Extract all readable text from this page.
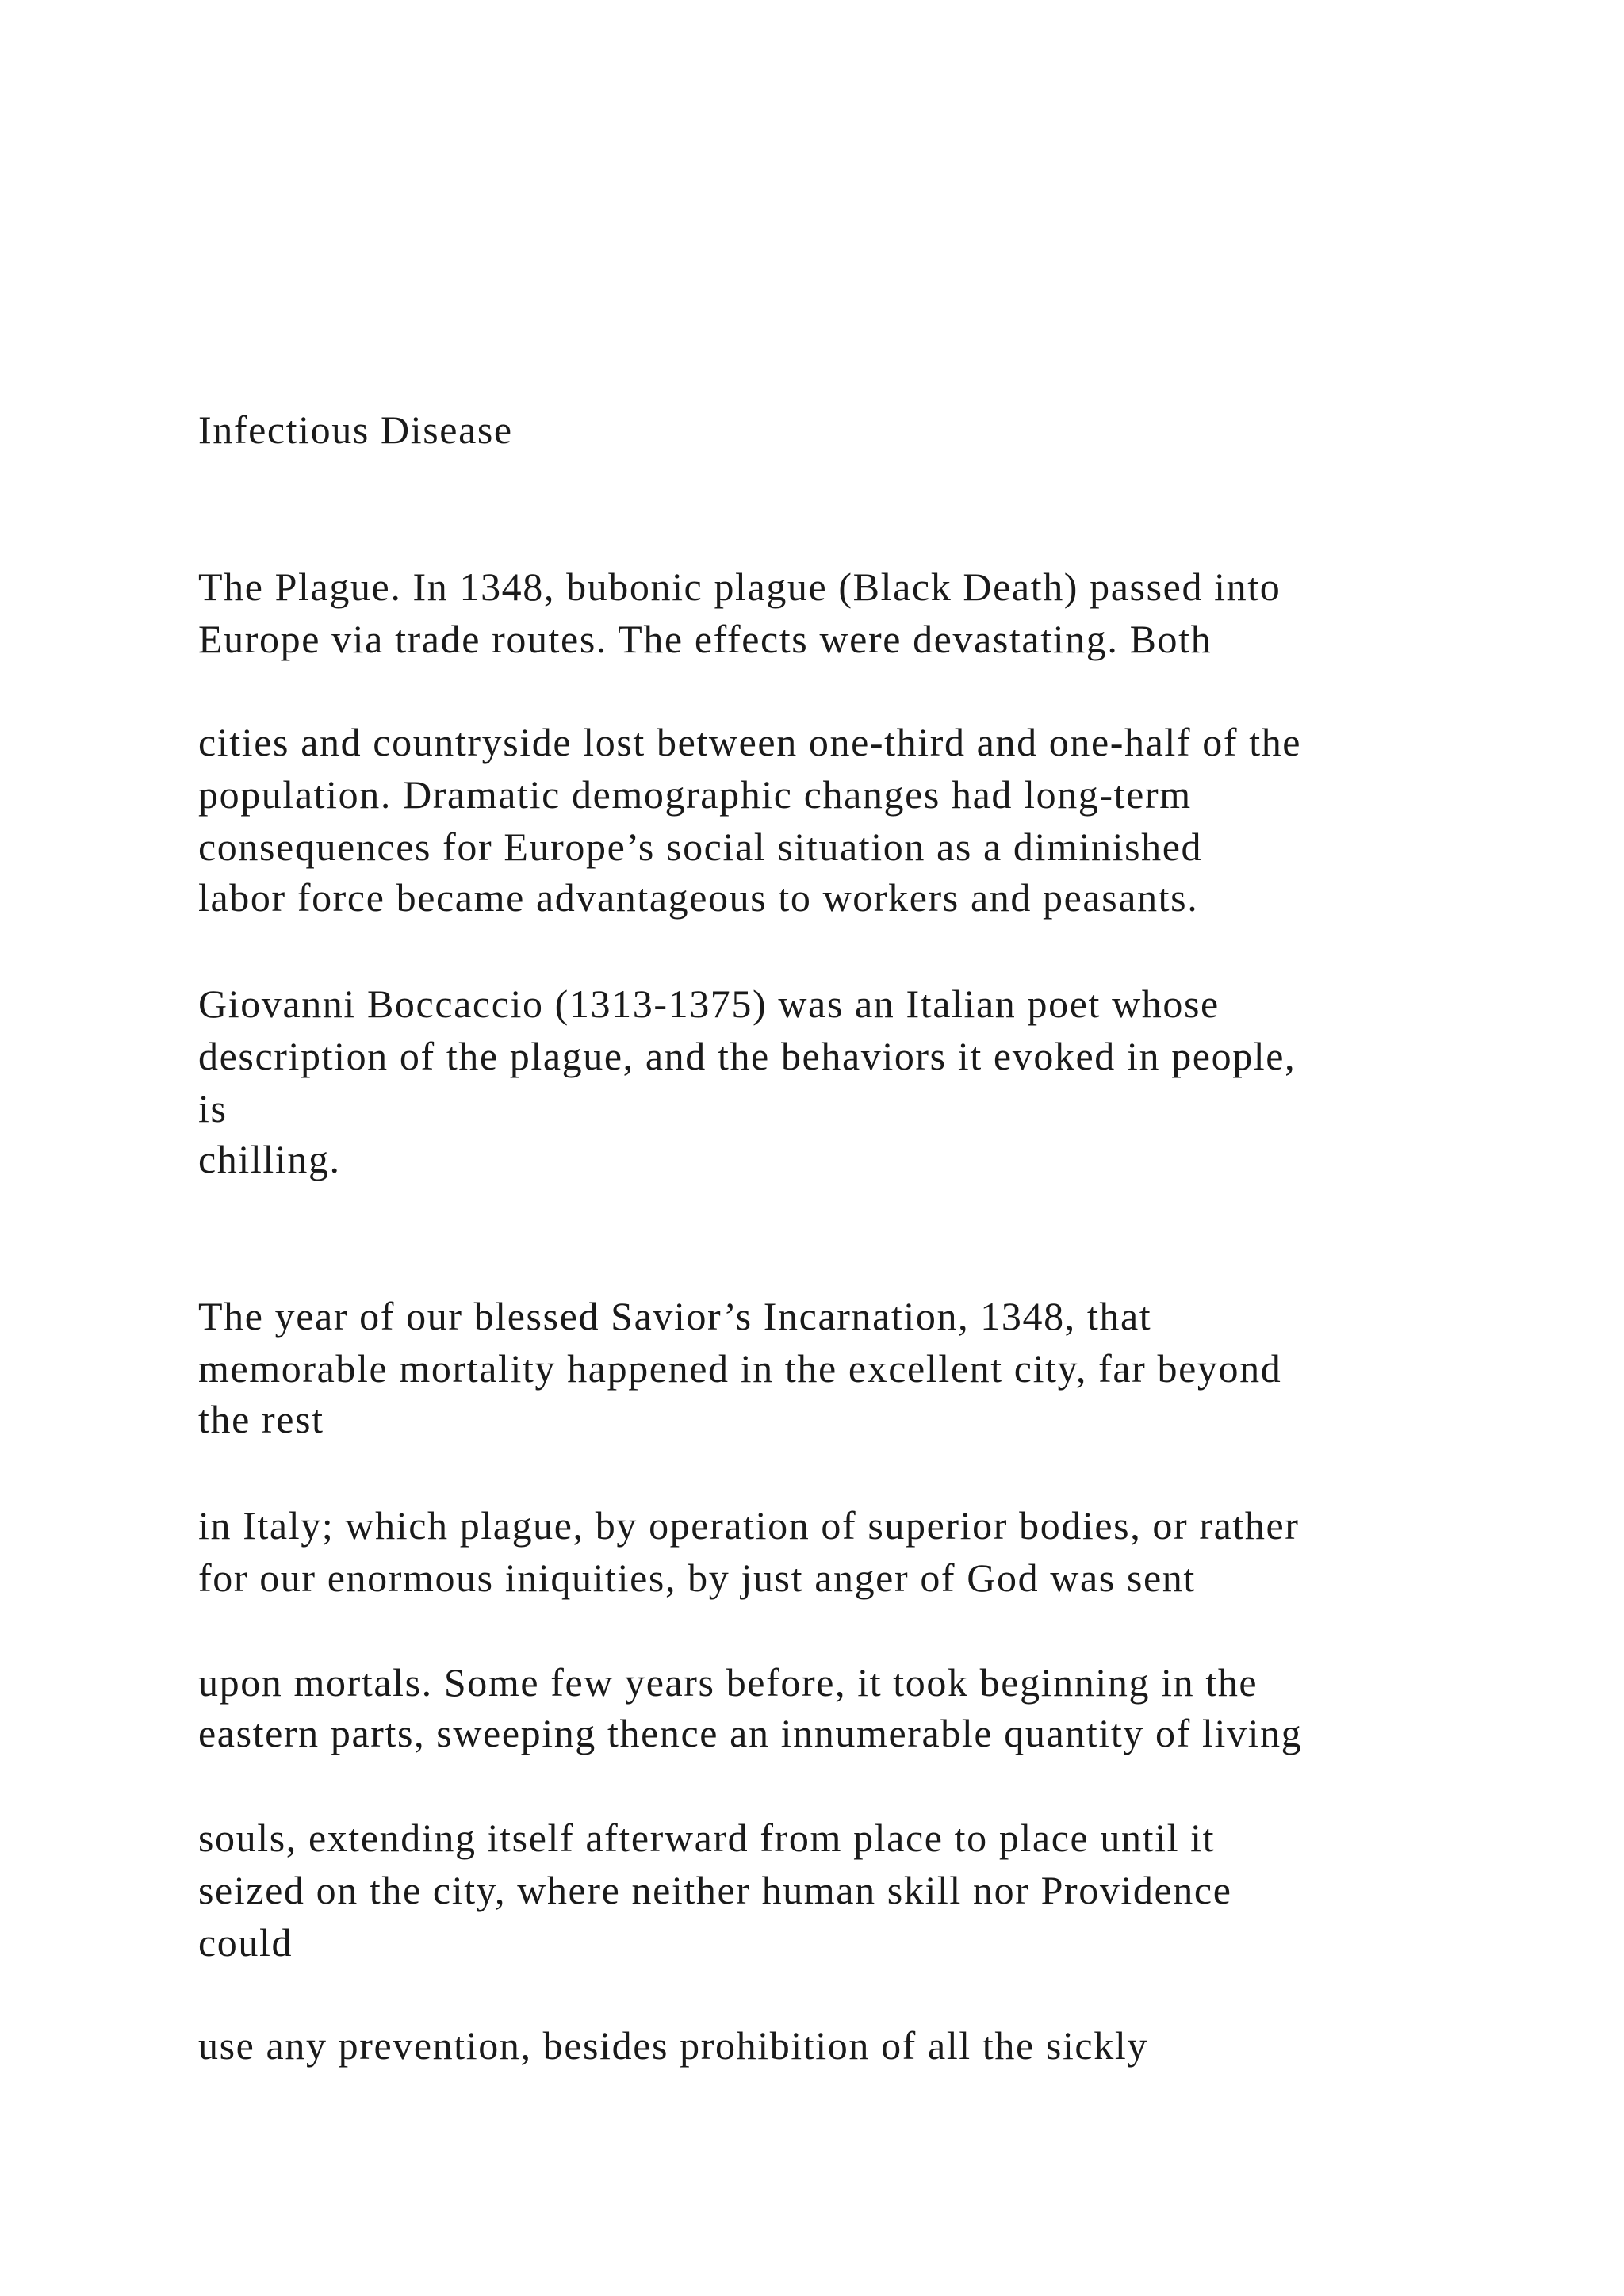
Infectious Disease

The Plague. In 1348, bubonic plague (Black Death) passed into

Europe via trade routes. The effects were devastating. Both

cities and countryside lost between one-third and one-half of the

population. Dramatic demographic changes had long-term

consequences for Europe’s social situation as a diminished

labor force became advantageous to workers and peasants.

Giovanni Boccaccio (1313-1375) was an Italian poet whose

description of the plague, and the behaviors it evoked in people,

is

chilling.

The year of our blessed Savior’s Incarnation, 1348, that

memorable mortality happened in the excellent city, far beyond

the rest

in Italy; which plague, by operation of superior bodies, or rather

for our enormous iniquities, by just anger of God was sent

upon mortals. Some few years before, it took beginning in the

eastern parts, sweeping thence an innumerable quantity of living

souls, extending itself afterward from place to place until it

seized on the city, where neither human skill nor Providence

could

use any prevention, besides prohibition of all the sickly
